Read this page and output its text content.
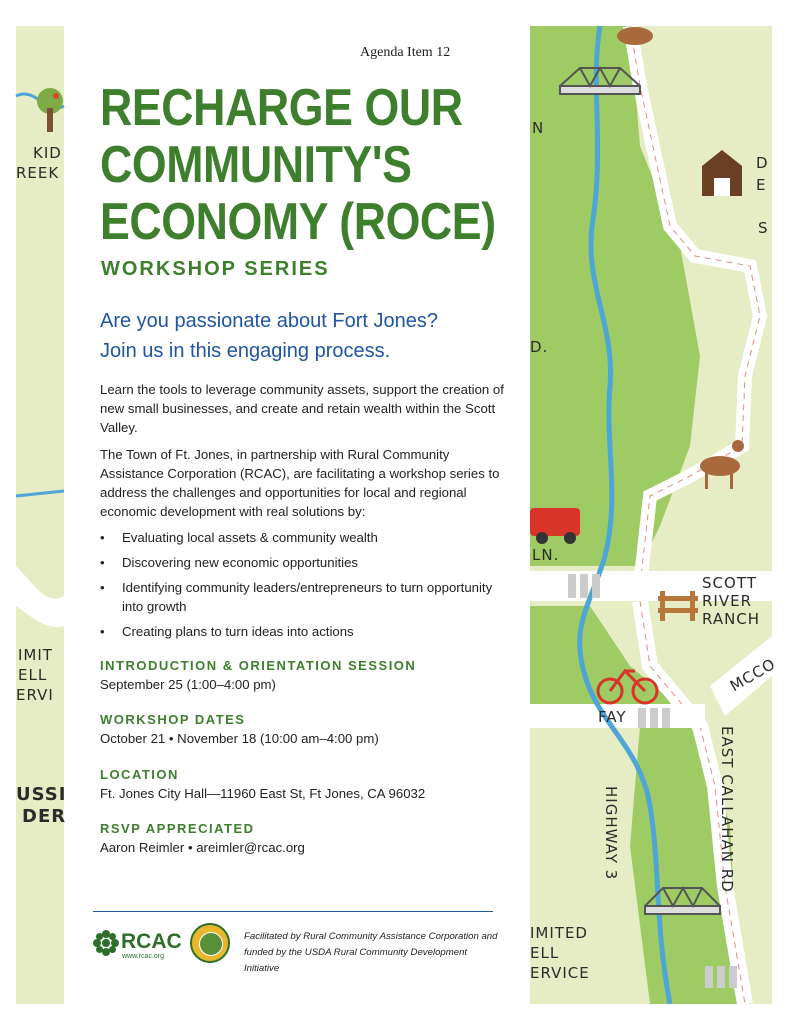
KID
REEK
IMIT
ELL
ERVI
USSI
DER
N
D
E
S
D.
LN.
SCOTT
RIVER
RANCH
MCCO
FAY
EAST CALLAHAN RD
HIGHWAY 3
IMITED
ELL
ERVICE
Agenda Item 12
RECHARGE OUR
COMMUNITY'S
ECONOMY (ROCE)
WORKSHOP SERIES
Are you passionate about Fort Jones?
Join us in this engaging process.
Learn the tools to leverage community assets, support the creation of new small businesses, and create and retain wealth within the Scott Valley.
The Town of Ft. Jones, in partnership with Rural Community Assistance Corporation (RCAC), are facilitating a workshop series to address the challenges and opportunities for local and regional economic development with real solutions by:
• Evaluating local assets & community wealth
• Discovering new economic opportunities
• Identifying community leaders/entrepreneurs to turn opportunity into growth
• Creating plans to turn ideas into actions
INTRODUCTION & ORIENTATION SESSION
September 25 (1:00–4:00 pm)
WORKSHOP DATES
October 21 • November 18 (10:00 am–4:00 pm)
LOCATION
Ft. Jones City Hall—11960 East St, Ft Jones, CA 96032
RSVP APPRECIATED
Aaron Reimler • areimler@rcac.org
RCAC
www.rcac.org
Facilitated by Rural Community Assistance Corporation and
funded by the USDA Rural Community Development Initiative
